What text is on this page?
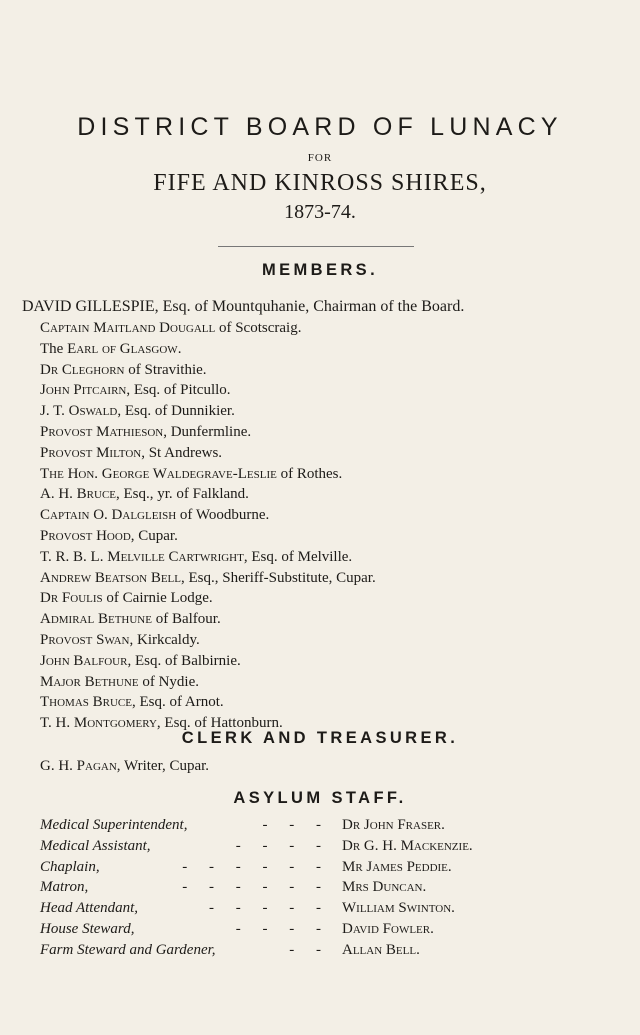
DISTRICT BOARD OF LUNACY
FOR
FIFE AND KINROSS SHIRES,
1873-74.
MEMBERS.
DAVID GILLESPIE, Esq. of Mountquhanie, Chairman of the Board.
Captain Maitland Dougall of Scotscraig.
The Earl of Glasgow.
Dr Cleghorn of Stravithie.
John Pitcairn, Esq. of Pitcullo.
J. T. Oswald, Esq. of Dunnikier.
Provost Mathieson, Dunfermline.
Provost Milton, St Andrews.
The Hon. George Waldegrave-Leslie of Rothes.
A. H. Bruce, Esq., yr. of Falkland.
Captain O. Dalgleish of Woodburne.
Provost Hood, Cupar.
T. R. B. L. Melville Cartwright, Esq. of Melville.
Andrew Beatson Bell, Esq., Sheriff-Substitute, Cupar.
Dr Foulis of Cairnie Lodge.
Admiral Bethune of Balfour.
Provost Swan, Kirkcaldy.
John Balfour, Esq. of Balbirnie.
Major Bethune of Nydie.
Thomas Bruce, Esq. of Arnot.
T. H. Montgomery, Esq. of Hattonburn.
CLERK AND TREASURER.
G. H. Pagan, Writer, Cupar.
ASYLUM STAFF.
Medical Superintendent,	- - - Dr John Fraser.
Medical Assistant,	- - - - Dr G. H. Mackenzie.
Chaplain,	- - - - - - Mr James Peddie.
Matron,	- - - - - - Mrs Duncan.
Head Attendant,	- - - - - William Swinton.
House Steward,	- - - - David Fowler.
Farm Steward and Gardener,	- - Allan Bell.
